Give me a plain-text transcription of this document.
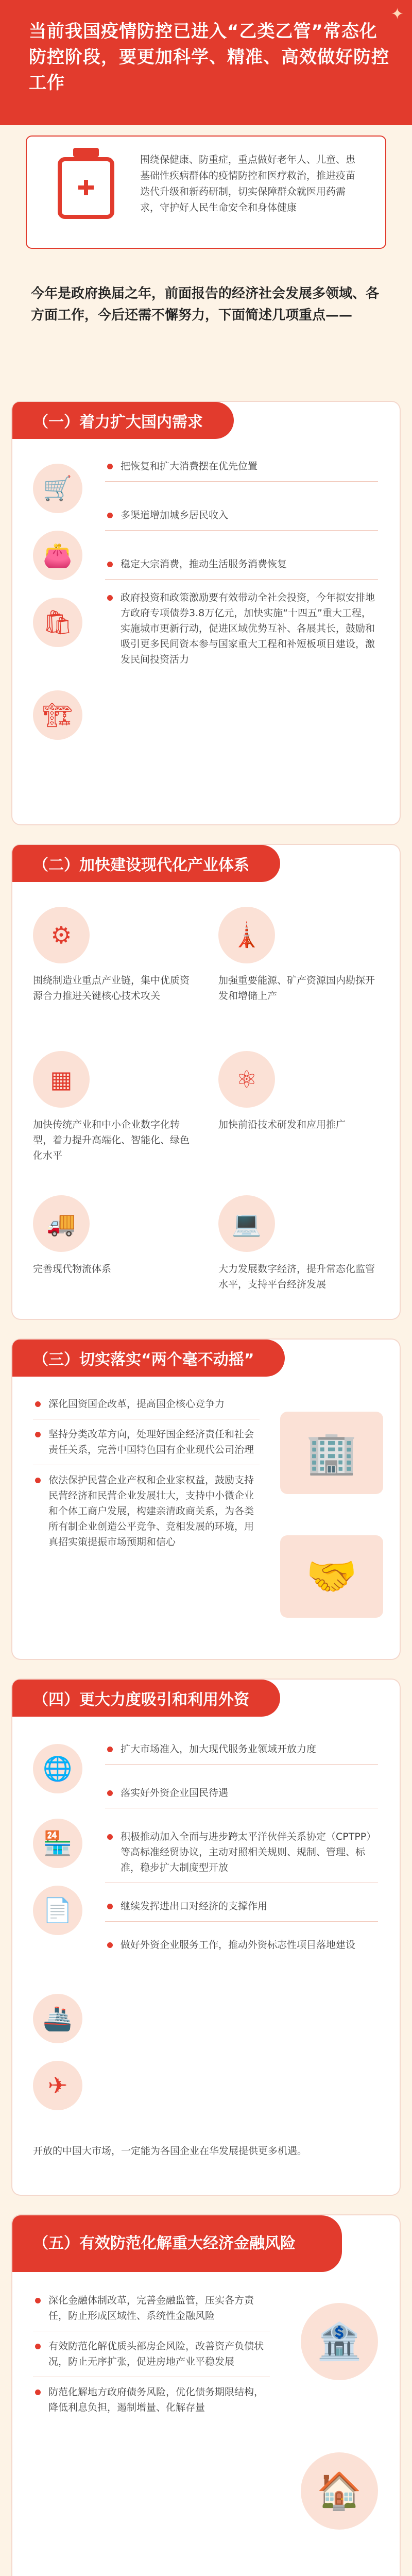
当前我国疫情防控已进入“乙类乙管”常态化防控阶段，要更加科学、精准、高效做好防控工作
✦
围绕保健康、防重症，重点做好老年人、儿童、患基础性疾病群体的疫情防控和医疗救治，推进疫苗迭代升级和新药研制，切实保障群众就医用药需求，守护好人民生命安全和身体健康
今年是政府换届之年，前面报告的经济社会发展多领域、各方面工作，今后还需不懈努力，下面简述几项重点——
（一）着力扩大国内需求
🛒
👛
🛍
🏗
把恢复和扩大消费摆在优先位置
多渠道增加城乡居民收入
稳定大宗消费，推动生活服务消费恢复
政府投资和政策激励要有效带动全社会投资，今年拟安排地方政府专项债券3.8万亿元，加快实施“十四五”重大工程，实施城市更新行动，促进区域优势互补、各展其长，鼓励和吸引更多民间资本参与国家重大工程和补短板项目建设，激发民间投资活力
（二）加快建设现代化产业体系
⚙
围绕制造业重点产业链，集中优质资源合力推进关键核心技术攻关
🗼
加强重要能源、矿产资源国内勘探开发和增储上产
▦
加快传统产业和中小企业数字化转型，着力提升高端化、智能化、绿色化水平
⚛
加快前沿技术研发和应用推广
🚚
完善现代物流体系
💻
大力发展数字经济，提升常态化监管水平，支持平台经济发展
（三）切实落实“两个毫不动摇”
深化国资国企改革，提高国企核心竞争力
坚持分类改革方向，处理好国企经济责任和社会责任关系，完善中国特色国有企业现代公司治理
依法保护民营企业产权和企业家权益，鼓励支持民营经济和民营企业发展壮大，支持中小微企业和个体工商户发展，构建亲清政商关系，为各类所有制企业创造公平竞争、竞相发展的环境，用真招实策提振市场预期和信心
🏢
🤝
（四）更大力度吸引和利用外资
🌐
🏪
📄
🚢
✈
扩大市场准入，加大现代服务业领域开放力度
落实好外资企业国民待遇
积极推动加入全面与进步跨太平洋伙伴关系协定（CPTPP）等高标准经贸协议，主动对照相关规则、规制、管理、标准，稳步扩大制度型开放
继续发挥进出口对经济的支撑作用
做好外资企业服务工作，推动外资标志性项目落地建设
开放的中国大市场，一定能为各国企业在华发展提供更多机遇。
（五）有效防范化解重大经济金融风险
深化金融体制改革，完善金融监管，压实各方责任，防止形成区域性、系统性金融风险
有效防范化解优质头部房企风险，改善资产负债状况，防止无序扩张，促进房地产业平稳发展
防范化解地方政府债务风险，优化债务期限结构，降低利息负担，遏制增量、化解存量
🏦
🏠
